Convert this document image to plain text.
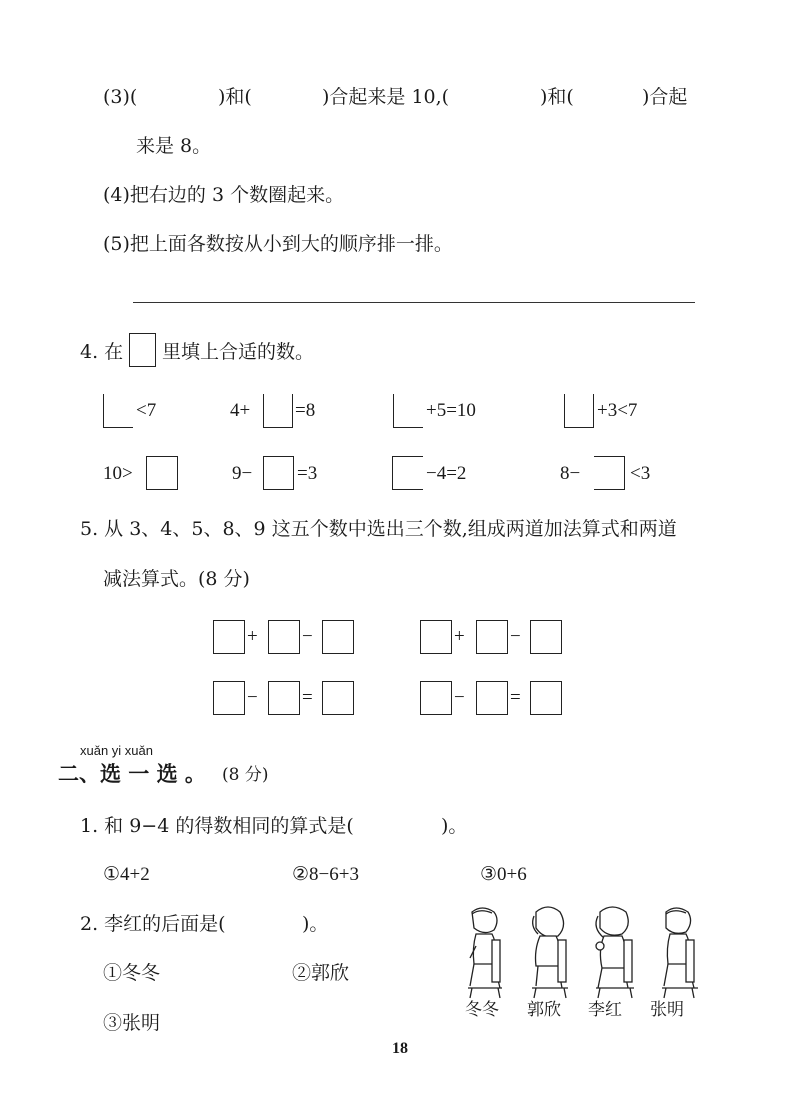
(3)(	)和(	)合起来是 10,(	)和(	)合起
来是 8。
(4)把右边的 3 个数圈起来。
(5)把上面各数按从小到大的顺序排一排。
4. 在 里填上合适的数。
<7	4+ =8	+5=10	+3<7
10>	9− =3	−4=2	8−	<3
5. 从 3、4、5、8、9 这五个数中选出三个数,组成两道加法算式和两道
减法算式。(8 分)
+ −	+ −
− =	− =
xuǎn yi xuǎn
二、选 一 选 。 (8 分)
1. 和 9−4 的得数相同的算式是(	)。
①4+2	②8−6+3	③0+6
2. 李红的后面是(	)。
①冬冬	②郭欣
③张明
冬冬 郭欣 李红 张明
18
